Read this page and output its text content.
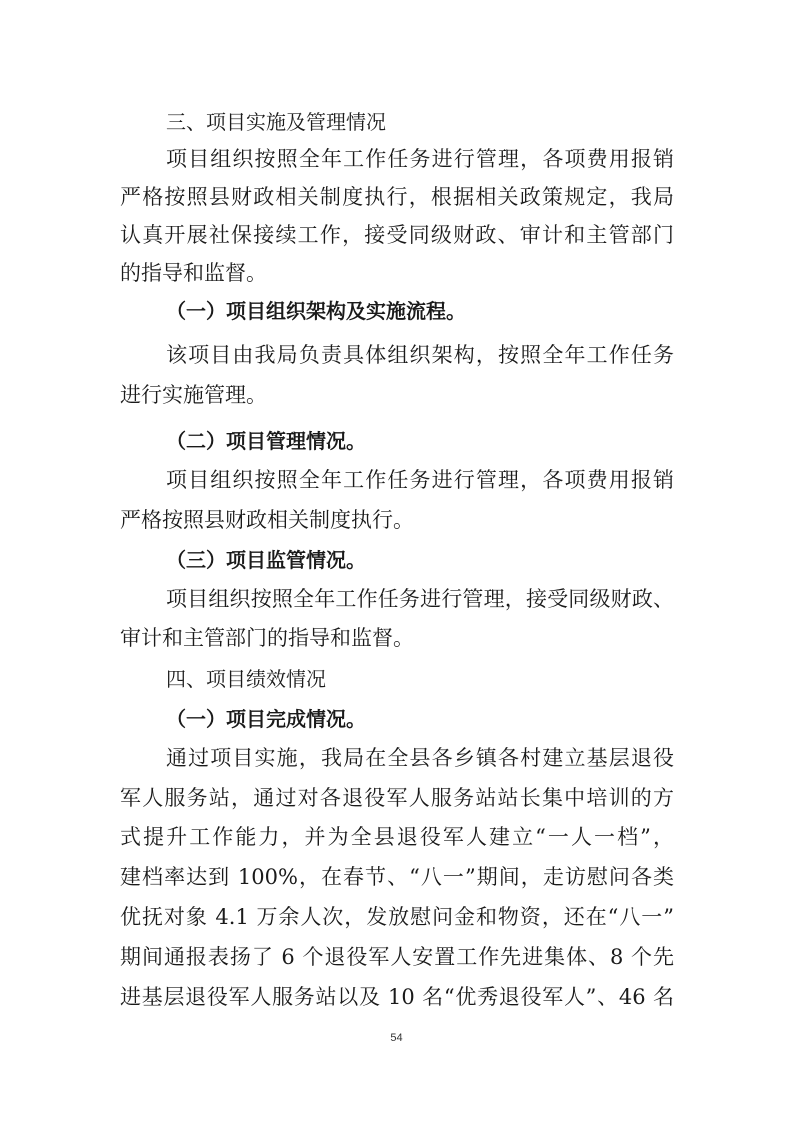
三、项目实施及管理情况
项目组织按照全年工作任务进行管理，各项费用报销
严格按照县财政相关制度执行，根据相关政策规定，我局
认真开展社保接续工作，接受同级财政、审计和主管部门
的指导和监督。
（一）项目组织架构及实施流程。
该项目由我局负责具体组织架构，按照全年工作任务
进行实施管理。
（二）项目管理情况。
项目组织按照全年工作任务进行管理，各项费用报销
严格按照县财政相关制度执行。
（三）项目监管情况。
项目组织按照全年工作任务进行管理，接受同级财政、
审计和主管部门的指导和监督。
四、项目绩效情况
（一）项目完成情况。
通过项目实施，我局在全县各乡镇各村建立基层退役
军人服务站，通过对各退役军人服务站站长集中培训的方
式提升工作能力，并为全县退役军人建立“一人一档”，
建档率达到 100%，在春节、“八一”期间，走访慰问各类
优抚对象 4.1 万余人次，发放慰问金和物资，还在“八一”
期间通报表扬了 6 个退役军人安置工作先进集体、8 个先
进基层退役军人服务站以及 10 名“优秀退役军人”、46 名
54
